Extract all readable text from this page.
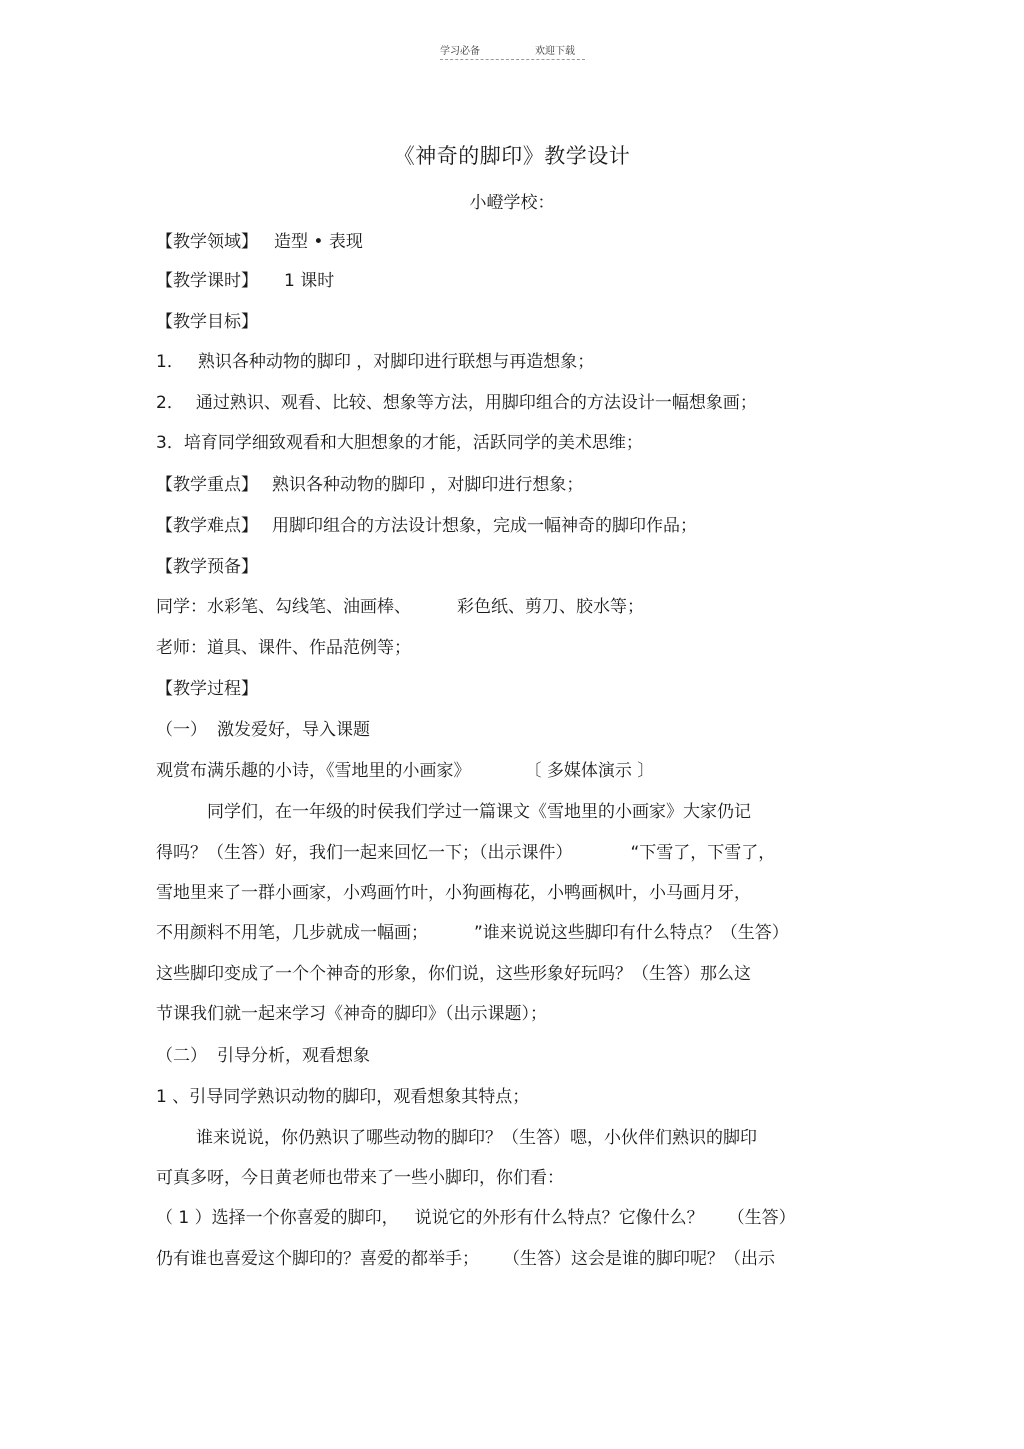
学习必备	欢迎下载
《神奇的脚印》教学设计
小嶝学校：
【教学领域】 造型 • 表现
【教学课时】 1 课时
【教学目标】
1． 熟识各种动物的脚印 ，对脚印进行联想与再造想象；
2． 通过熟识、观看、比较、想象等方法，用脚印组合的方法设计一幅想象画；
3．培育同学细致观看和大胆想象的才能，活跃同学的美术思维；
【教学重点】 熟识各种动物的脚印 ，对脚印进行想象；
【教学难点】 用脚印组合的方法设计想象，完成一幅神奇的脚印作品；
【教学预备】
同学：水彩笔、勾线笔、油画棒、	彩色纸、剪刀、胶水等；
老师：道具、课件、作品范例等；
【教学过程】
（一） 激发爱好，导入课题
观赏布满乐趣的小诗，《雪地里的小画家》	〔 多媒体演示 〕
同学们，在一年级的时侯我们学过一篇课文《雪地里的小画家》大家仍记
得吗？（生答）好，我们一起来回忆一下；（出示课件）	“下雪了，下雪了，
雪地里来了一群小画家，小鸡画竹叶，小狗画梅花，小鸭画枫叶，小马画月牙，
不用颜料不用笔，几步就成一幅画；	”谁来说说这些脚印有什么特点？（生答）
这些脚印变成了一个个神奇的形象，你们说，这些形象好玩吗？（生答）那么这
节课我们就一起来学习《神奇的脚印》（出示课题）；
（二） 引导分析，观看想象
1 、引导同学熟识动物的脚印，观看想象其特点；
谁来说说，你仍熟识了哪些动物的脚印？（生答）嗯，小伙伴们熟识的脚印
可真多呀，今日黄老师也带来了一些小脚印，你们看：
（ 1 ）选择一个你喜爱的脚印， 说说它的外形有什么特点？它像什么？ （生答）
仍有谁也喜爱这个脚印的？喜爱的都举手； （生答）这会是谁的脚印呢？（出示
